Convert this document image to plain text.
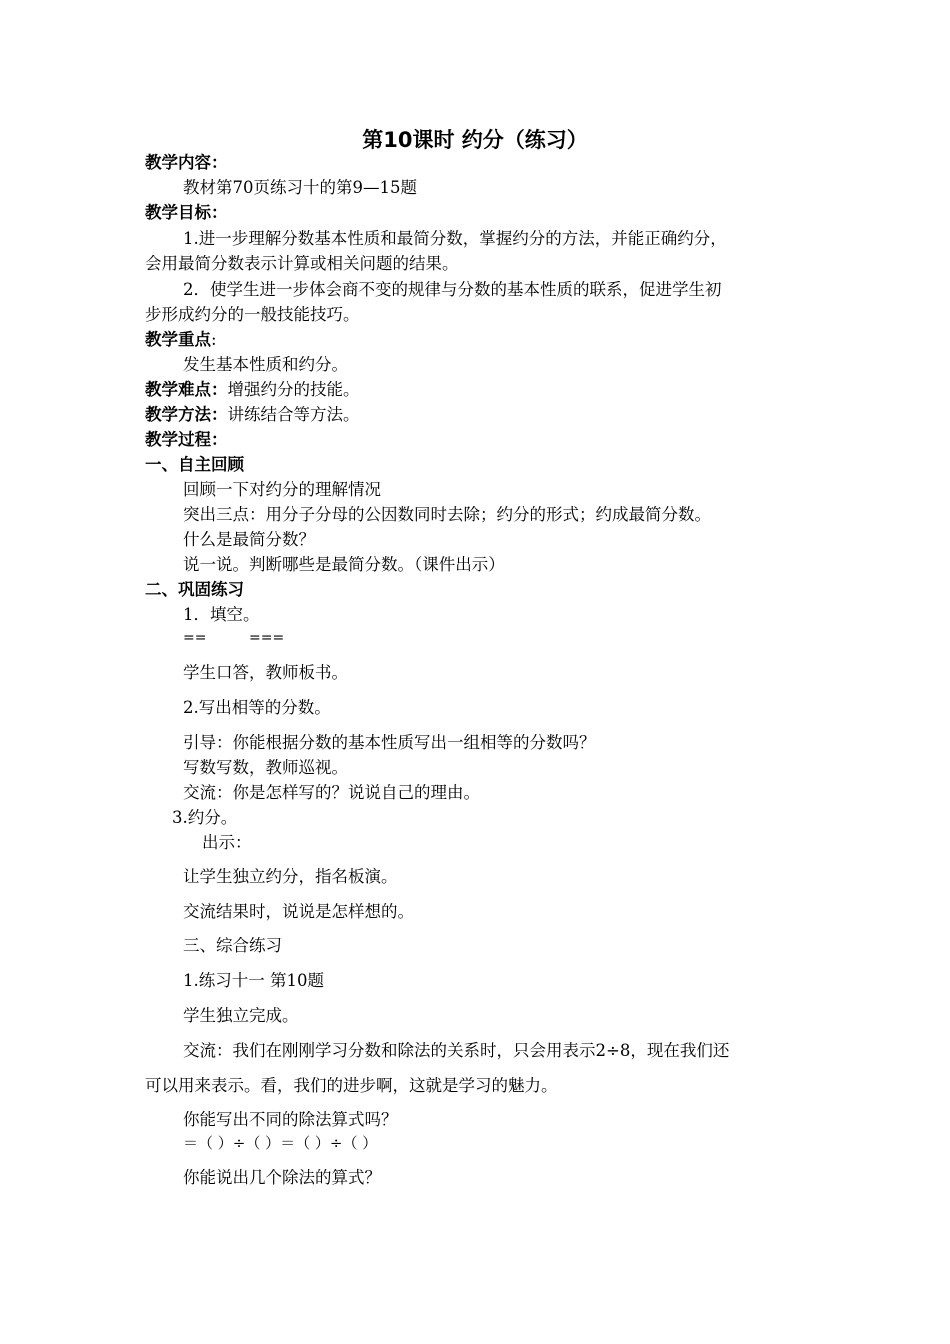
第10课时 约分（练习）
教学内容：
教材第70页练习十的第9—15题
教学目标：
1.进一步理解分数基本性质和最简分数，掌握约分的方法，并能正确约分，
会用最简分数表示计算或相关问题的结果。
2．使学生进一步体会商不变的规律与分数的基本性质的联系，促进学生初
步形成约分的一般技能技巧。
教学重点:
发生基本性质和约分。
教学难点：增强约分的技能。
教学方法：讲练结合等方法。
教学过程：
一、自主回顾
回顾一下对约分的理解情况
突出三点：用分子分母的公因数同时去除；约分的形式；约成最简分数。
什么是最简分数？
说一说。判断哪些是最简分数。（课件出示）
二、巩固练习
1．填空。
==	===
学生口答，教师板书。
2.写出相等的分数。
引导：你能根据分数的基本性质写出一组相等的分数吗？
写数写数，教师巡视。
交流：你是怎样写的？说说自己的理由。
3.约分。
出示：
让学生独立约分，指名板演。
交流结果时，说说是怎样想的。
三、综合练习
1.练习十一 第10题
学生独立完成。
交流：我们在刚刚学习分数和除法的关系时，只会用表示2÷8，现在我们还
可以用来表示。看，我们的进步啊，这就是学习的魅力。
你能写出不同的除法算式吗？
＝（ ）÷（ ）＝（ ）÷（ ）
你能说出几个除法的算式？
